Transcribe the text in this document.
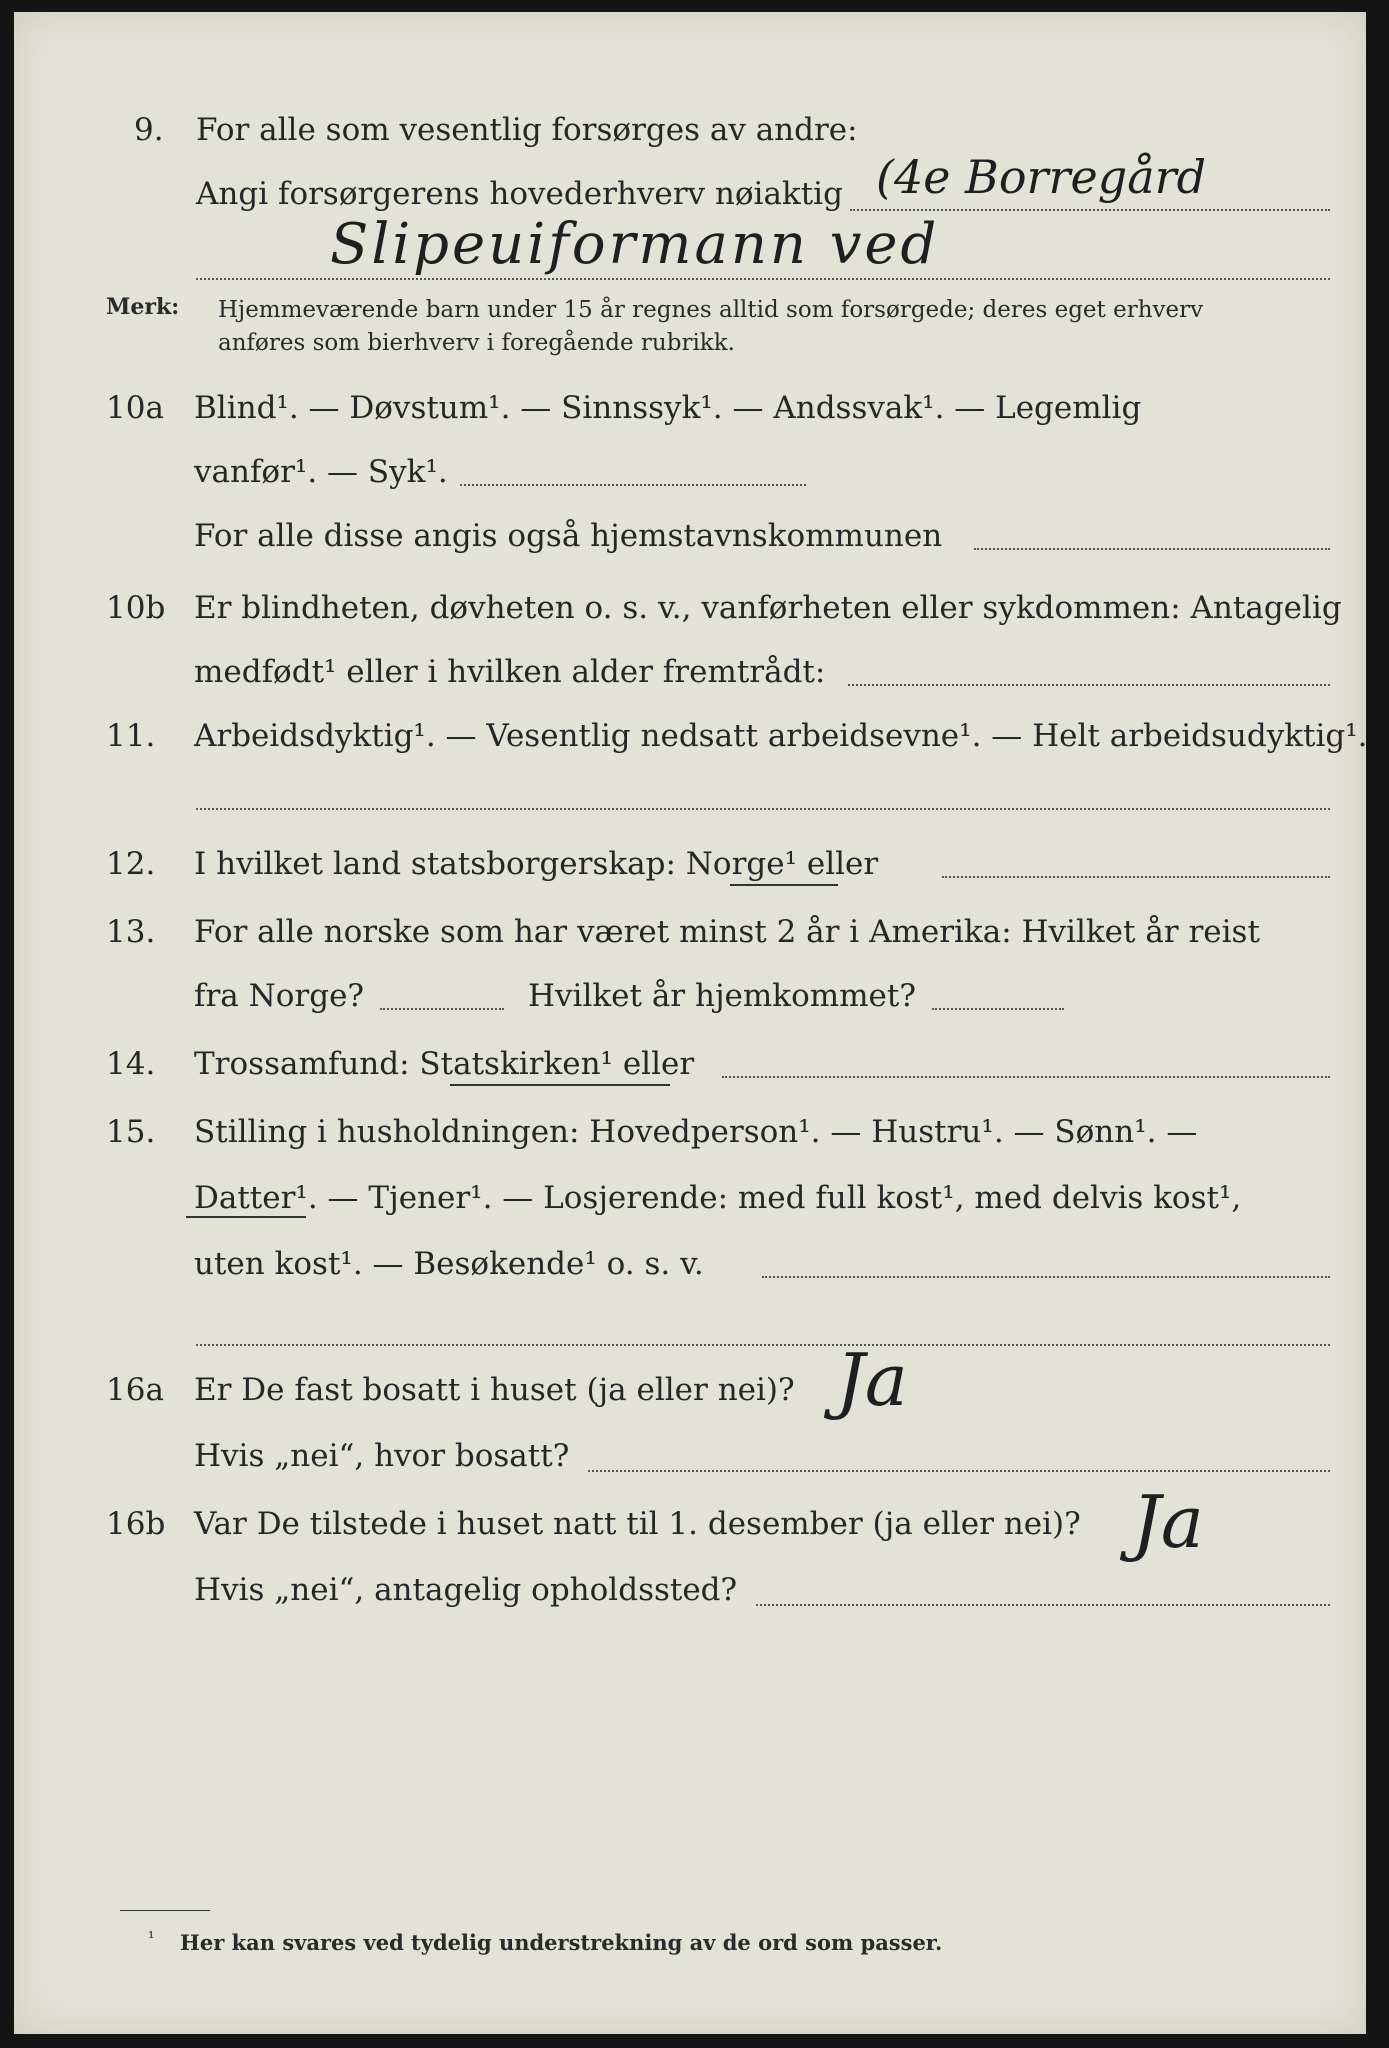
9. For alle som vesentlig forsørges av andre:
Angi forsørgerens hovederhverv nøiaktig (4e Borregård
Slipeuiformann ved
Merk: Hjemmeværende barn under 15 år regnes alltid som forsørgede; deres eget erhverv
anføres som bierhverv i foregående rubrikk.
10a Blind¹. — Døvstum¹. — Sinnssyk¹. — Andssvak¹. — Legemlig
vanfør¹. — Syk¹.
For alle disse angis også hjemstavnskommunen
10b Er blindheten, døvheten o. s. v., vanførheten eller sykdommen: Antagelig
medfødt¹ eller i hvilken alder fremtrådt:
11. Arbeidsdyktig¹. — Vesentlig nedsatt arbeidsevne¹. — Helt arbeidsudyktig¹.
12. I hvilket land statsborgerskap: Norge¹ eller
13. For alle norske som har været minst 2 år i Amerika: Hvilket år reist
fra Norge?	Hvilket år hjemkommet?
14. Trossamfund: Statskirken¹ eller
15. Stilling i husholdningen: Hovedperson¹. — Hustru¹. — Sønn¹. —
Datter¹. — Tjener¹. — Losjerende: med full kost¹, med delvis kost¹,
uten kost¹. — Besøkende¹ o. s. v.
16a Er De fast bosatt i huset (ja eller nei)?
Hvis „nei“, hvor bosatt?
Ja
16b Var De tilstede i huset natt til 1. desember (ja eller nei)?
Hvis „nei“, antagelig opholdssted?
Ja
¹ Her kan svares ved tydelig understrekning av de ord som passer.
